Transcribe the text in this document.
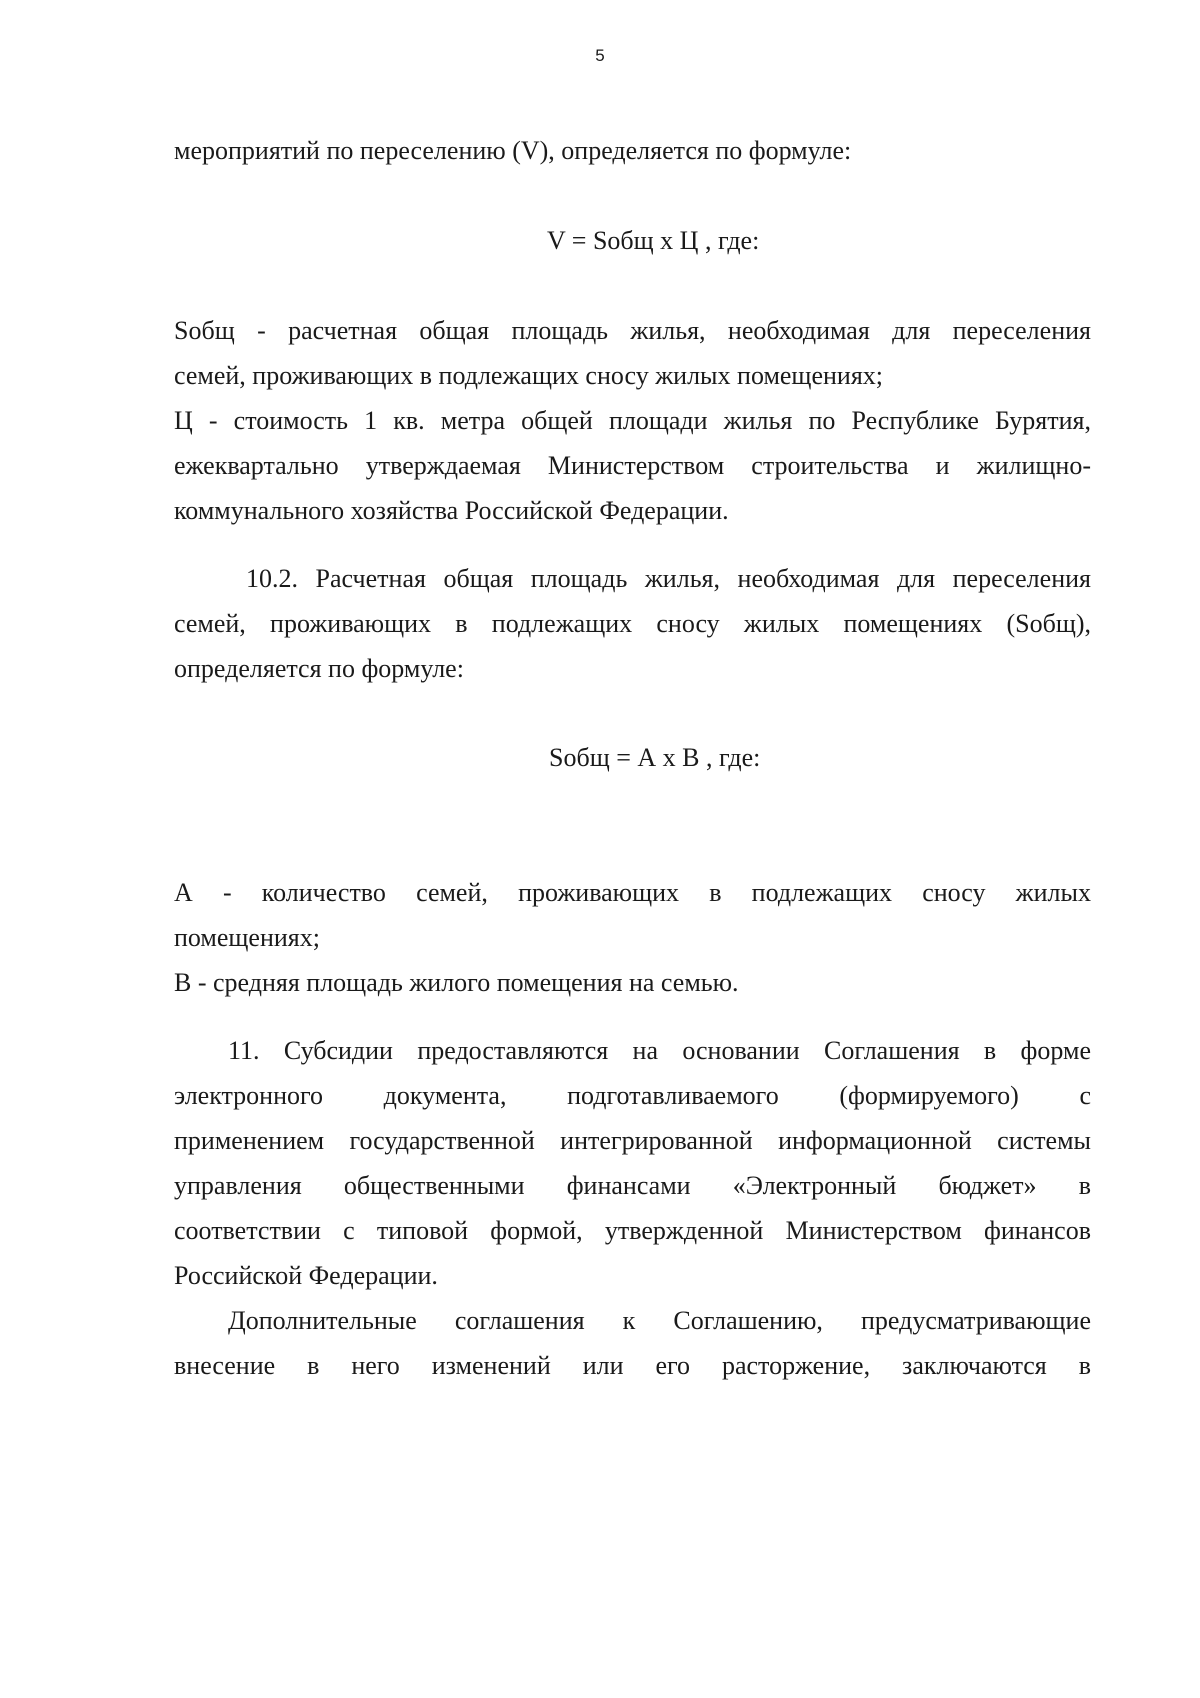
5
мероприятий по переселению (V), определяется по формуле:
V = Sобщ x Ц , где:
Sобщ - расчетная общая площадь жилья, необходимая для переселения
семей, проживающих в подлежащих сносу жилых помещениях;
Ц - стоимость 1 кв. метра общей площади жилья по Республике Бурятия,
ежеквартально утверждаемая Министерством строительства и жилищно-
коммунального хозяйства Российской Федерации.
10.2. Расчетная общая площадь жилья, необходимая для переселения
семей, проживающих в подлежащих сносу жилых помещениях (Sобщ),
определяется по формуле:
Sобщ = А x В , где:
А - количество семей, проживающих в подлежащих сносу жилых
помещениях;
В - средняя площадь жилого помещения на семью.
11. Субсидии предоставляются на основании Соглашения в форме
электронного документа, подготавливаемого (формируемого) с
применением государственной интегрированной информационной системы
управления общественными финансами «Электронный бюджет» в
соответствии с типовой формой, утвержденной Министерством финансов
Российской Федерации.
Дополнительные соглашения к Соглашению, предусматривающие
внесение в него изменений или его расторжение, заключаются в
